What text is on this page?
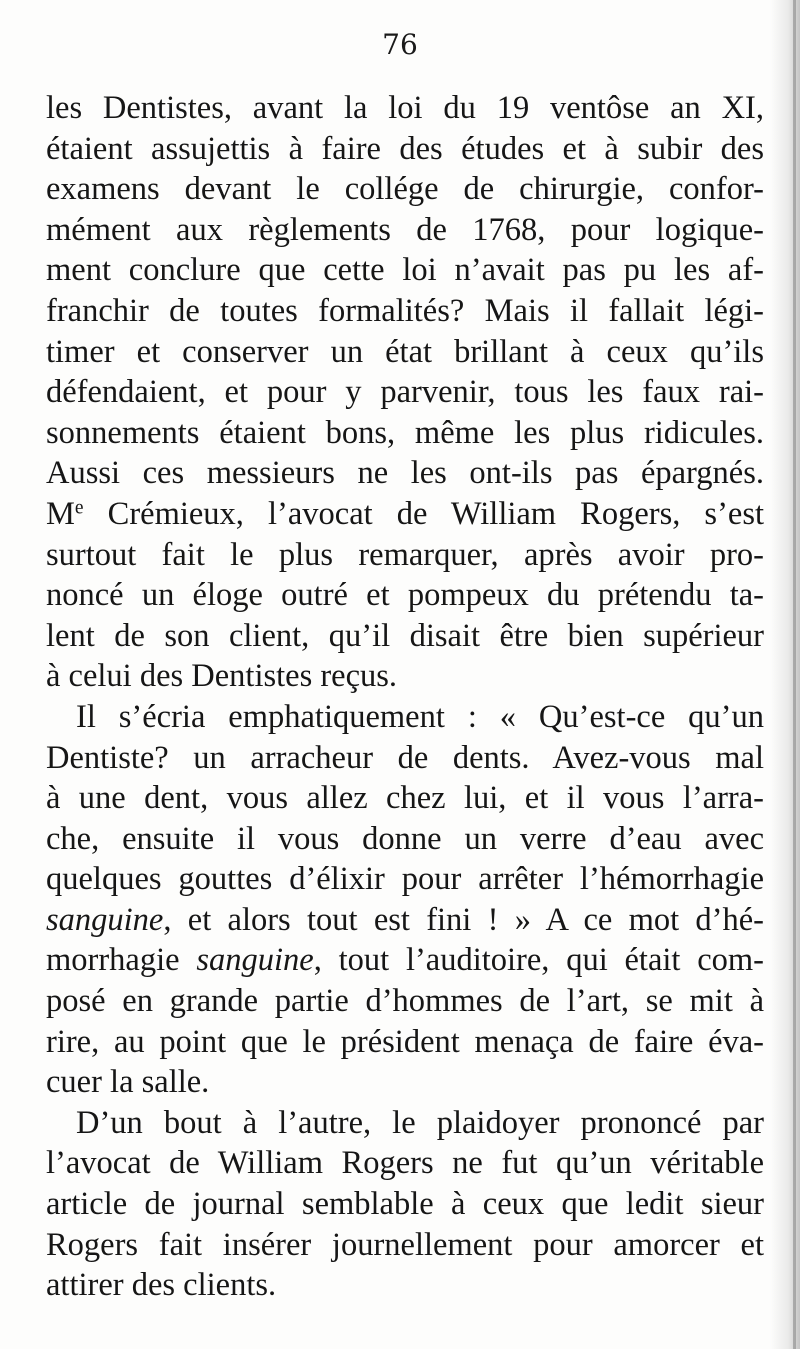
76
les Dentistes, avant la loi du 19 ventôse an XI,
étaient assujettis à faire des études et à subir des
examens devant le collége de chirurgie, confor-
mément aux règlements de 1768, pour logique-
ment conclure que cette loi n’avait pas pu les af-
franchir de toutes formalités? Mais il fallait légi-
timer et conserver un état brillant à ceux qu’ils
défendaient, et pour y parvenir, tous les faux rai-
sonnements étaient bons, même les plus ridicules.
Aussi ces messieurs ne les ont-ils pas épargnés.
Me Crémieux, l’avocat de William Rogers, s’est
surtout fait le plus remarquer, après avoir pro-
noncé un éloge outré et pompeux du prétendu ta-
lent de son client, qu’il disait être bien supérieur
à celui des Dentistes reçus.
Il s’écria emphatiquement : « Qu’est-ce qu’un
Dentiste? un arracheur de dents. Avez-vous mal
à une dent, vous allez chez lui, et il vous l’arra-
che, ensuite il vous donne un verre d’eau avec
quelques gouttes d’élixir pour arrêter l’hémorrhagie
sanguine, et alors tout est fini ! » A ce mot d’hé-
morrhagie sanguine, tout l’auditoire, qui était com-
posé en grande partie d’hommes de l’art, se mit à
rire, au point que le président menaça de faire éva-
cuer la salle.
D’un bout à l’autre, le plaidoyer prononcé par
l’avocat de William Rogers ne fut qu’un véritable
article de journal semblable à ceux que ledit sieur
Rogers fait insérer journellement pour amorcer et
attirer des clients.
